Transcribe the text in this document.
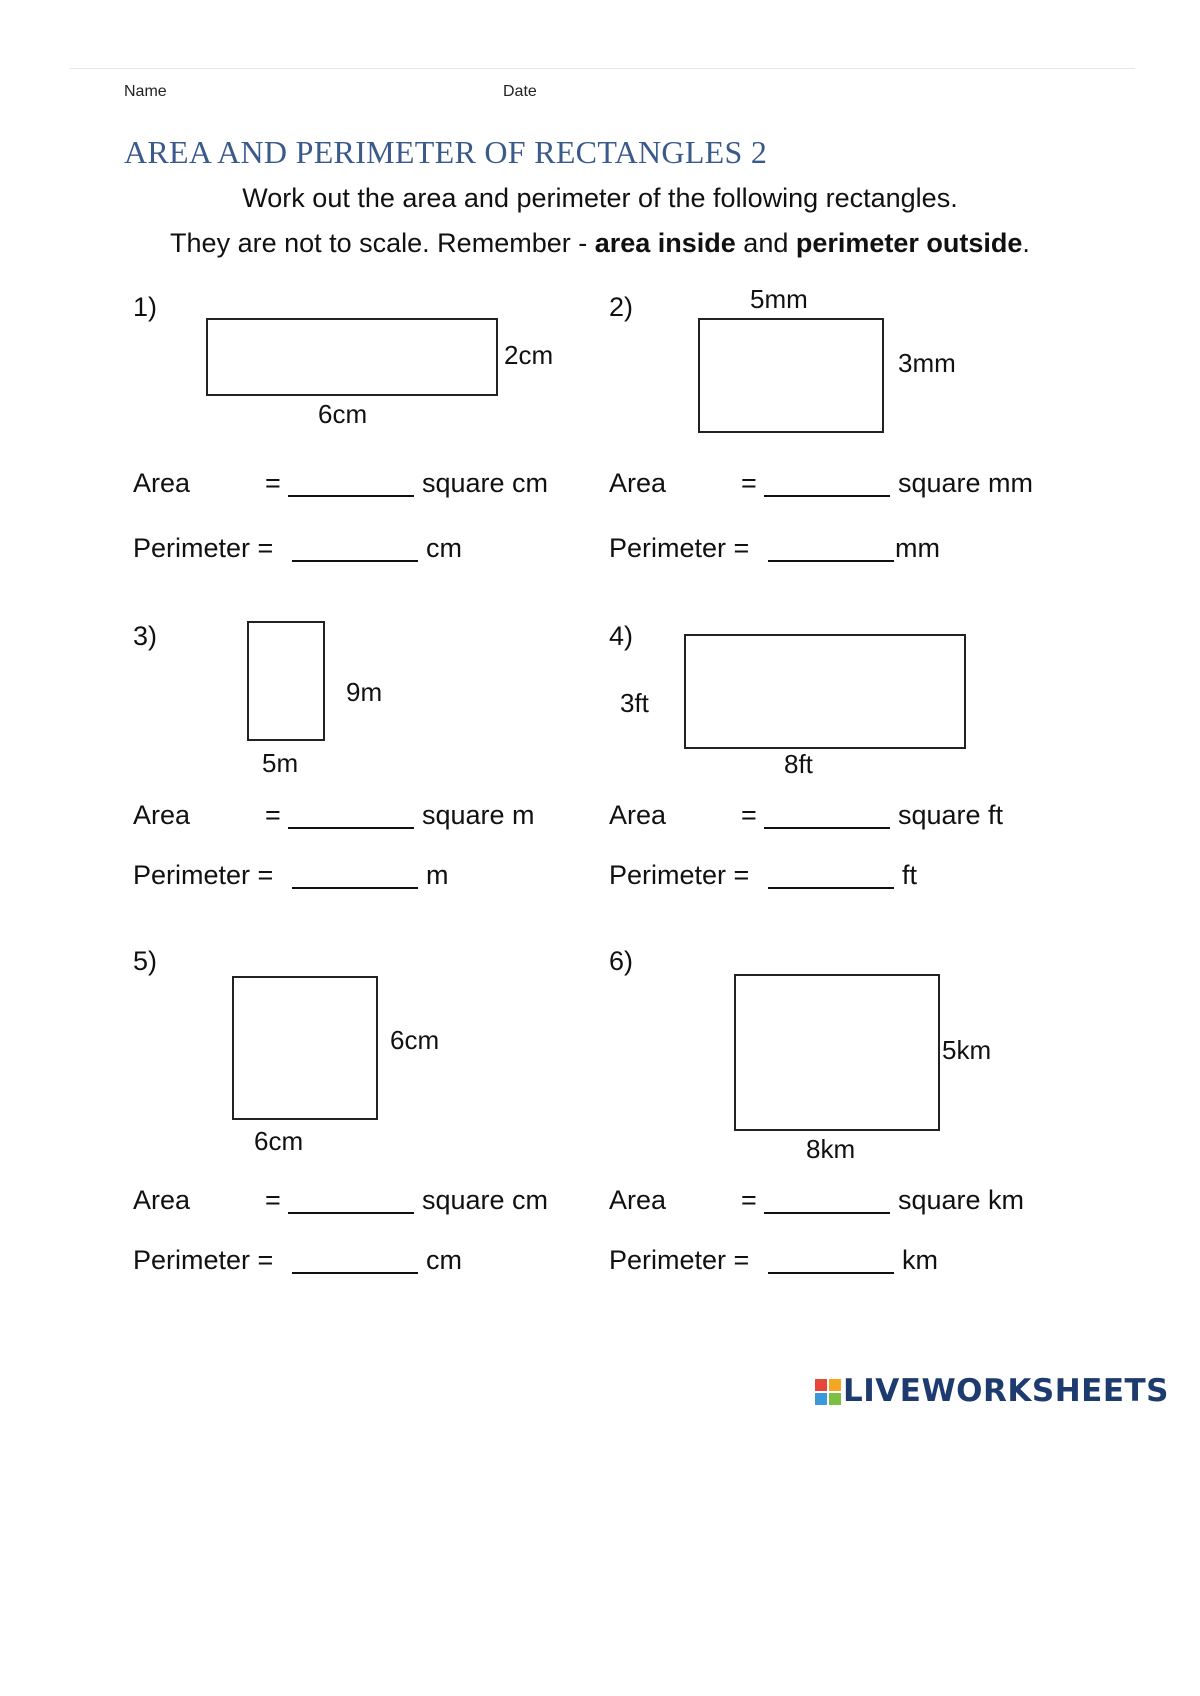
Name	Date
AREA AND PERIMETER OF RECTANGLES 2
Work out the area and perimeter of the following rectangles.
They are not to scale. Remember - area inside and perimeter outside.
1)
2cm
6cm
Area	=	square cm
Perimeter =	cm
2)	5mm
3mm
Area	=	square mm
Perimeter =	mm
3)
9m
5m
Area	=	square m
Perimeter =	m
4)
3ft
8ft
Area	=	square ft
Perimeter =	ft
5)
6cm
6cm
Area	=	square cm
Perimeter =	cm
6)
5km
8km
Area	=	square km
Perimeter =	km
LIVEWORKSHEETS
